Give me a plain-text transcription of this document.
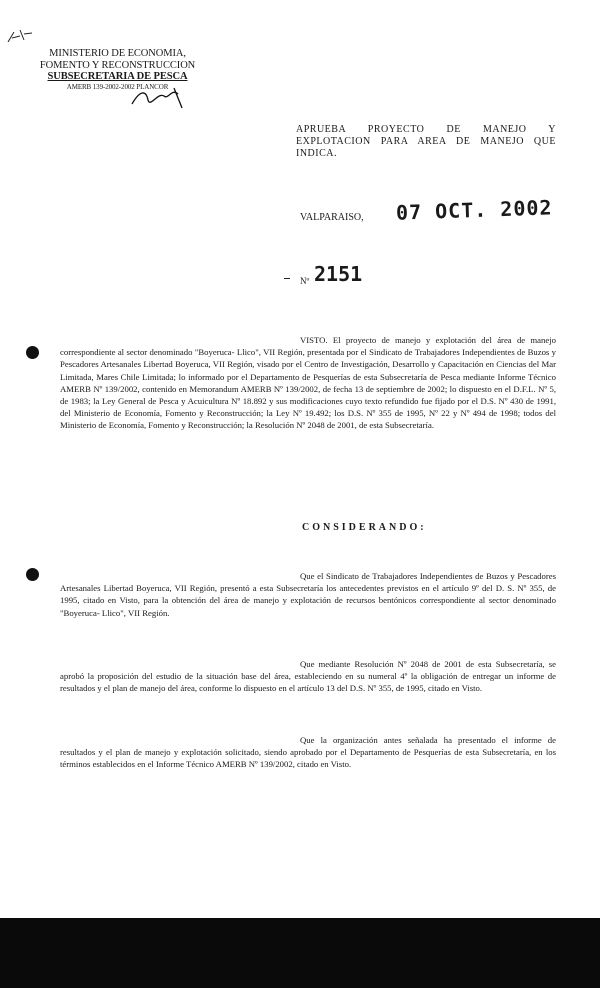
MINISTERIO DE ECONOMIA,
FOMENTO Y RECONSTRUCCION
SUBSECRETARIA DE PESCA
AMERB 139-2002-2002 PLANCOR
APRUEBA PROYECTO DE MANEJO Y EXPLOTACION PARA AREA DE MANEJO QUE INDICA.
VALPARAISO, 07 OCT. 2002
Nº 2151
VISTO. El proyecto de manejo y explotación del área de manejo correspondiente al sector denominado "Boyeruca- Llico", VII Región, presentada por el Sindicato de Trabajadores Independientes de Buzos y Pescadores Artesanales Libertad Boyeruca, VII Región, visado por el Centro de Investigación, Desarrollo y Capacitación en Ciencias del Mar Limitada, Mares Chile Limitada; lo informado por el Departamento de Pesquerías de esta Subsecretaría de Pesca mediante Informe Técnico AMERB Nº 139/2002, contenido en Memorandum AMERB Nº 139/2002, de fecha 13 de septiembre de 2002; lo dispuesto en el D.F.L. Nº 5, de 1983; la Ley General de Pesca y Acuicultura Nº 18.892 y sus modificaciones cuyo texto refundido fue fijado por el D.S. Nº 430 de 1991, del Ministerio de Economía, Fomento y Reconstrucción; la Ley Nº 19.492; los D.S. Nº 355 de 1995, Nº 22 y Nº 494 de 1998; todos del Ministerio de Economía, Fomento y Reconstrucción; la Resolución Nº 2048 de 2001, de esta Subsecretaría.
CONSIDERANDO:
Que el Sindicato de Trabajadores Independientes de Buzos y Pescadores Artesanales Libertad Boyeruca, VII Región, presentó a esta Subsecretaría los antecedentes previstos en el artículo 9º del D. S. Nº 355, de 1995, citado en Visto, para la obtención del área de manejo y explotación de recursos bentónicos correspondiente al sector denominado "Boyeruca- Llico", VII Región.
Que mediante Resolución Nº 2048 de 2001 de esta Subsecretaría, se aprobó la proposición del estudio de la situación base del área, estableciendo en su numeral 4º la obligación de entregar un informe de resultados y el plan de manejo del área, conforme lo dispuesto en el artículo 13 del D.S. Nº 355, de 1995, citado en Visto.
Que la organización antes señalada ha presentado el informe de resultados y el plan de manejo y explotación solicitado, siendo aprobado por el Departamento de Pesquerías de esta Subsecretaría, en los términos establecidos en el Informe Técnico AMERB Nº 139/2002, citado en Visto.
